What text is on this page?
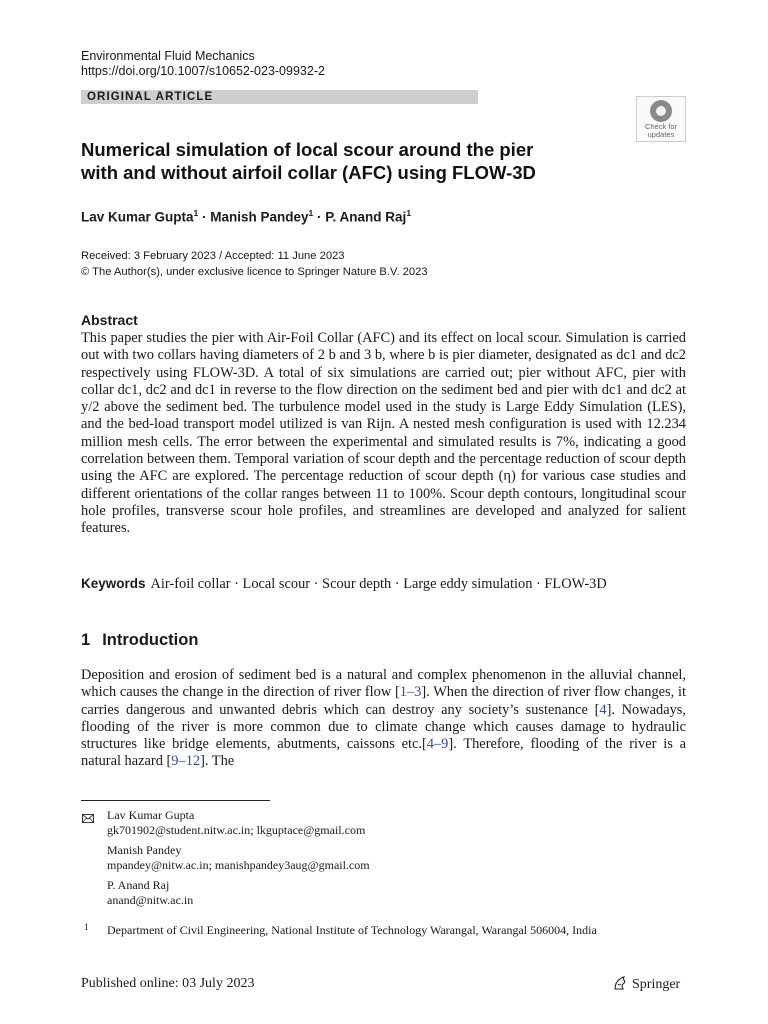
Environmental Fluid Mechanics
https://doi.org/10.1007/s10652-023-09932-2
ORIGINAL ARTICLE
Check for
updates
Numerical simulation of local scour around the pier
with and without airfoil collar (AFC) using FLOW-3D
Lav Kumar Gupta$^1$ · Manish Pandey$^1$ · P. Anand Raj$^1$
Received: 3 February 2023 / Accepted: 11 June 2023
© The Author(s), under exclusive licence to Springer Nature B.V. 2023
Abstract
This paper studies the pier with Air-Foil Collar (AFC) and its effect on local scour. Simulation is carried out with two collars having diameters of 2 b and 3 b, where b is pier diameter, designated as dc1 and dc2 respectively using FLOW-3D. A total of six simulations are carried out; pier without AFC, pier with collar dc1, dc2 and dc1 in reverse to the flow direction on the sediment bed and pier with dc1 and dc2 at y/2 above the sediment bed. The turbulence model used in the study is Large Eddy Simulation (LES), and the bed-load transport model utilized is van Rijn. A nested mesh configuration is used with 12.234 million mesh cells. The error between the experimental and simulated results is 7%, indicating a good correlation between them. Temporal variation of scour depth and the percentage reduction of scour depth using the AFC are explored. The percentage reduction of scour depth (η) for various case studies and different orientations of the collar ranges between 11 to 100%. Scour depth contours, longitudinal scour hole profiles, transverse scour hole profiles, and streamlines are developed and analyzed for salient features.
Keywords Air-foil collar · Local scour · Scour depth · Large eddy simulation · FLOW-3D
1 Introduction
Deposition and erosion of sediment bed is a natural and complex phenomenon in the alluvial channel, which causes the change in the direction of river flow [1–3]. When the direction of river flow changes, it carries dangerous and unwanted debris which can destroy any society’s sustenance [4]. Nowadays, flooding of the river is more common due to climate change which causes damage to hydraulic structures like bridge elements, abutments, caissons etc.[4–9]. Therefore, flooding of the river is a natural hazard [9–12]. The
Lav Kumar Gupta
gk701902@student.nitw.ac.in; lkguptace@gmail.com
Manish Pandey
mpandey@nitw.ac.in; manishpandey3aug@gmail.com
P. Anand Raj
anand@nitw.ac.in
1 Department of Civil Engineering, National Institute of Technology Warangal, Warangal 506004, India
Published online: 03 July 2023	Springer
